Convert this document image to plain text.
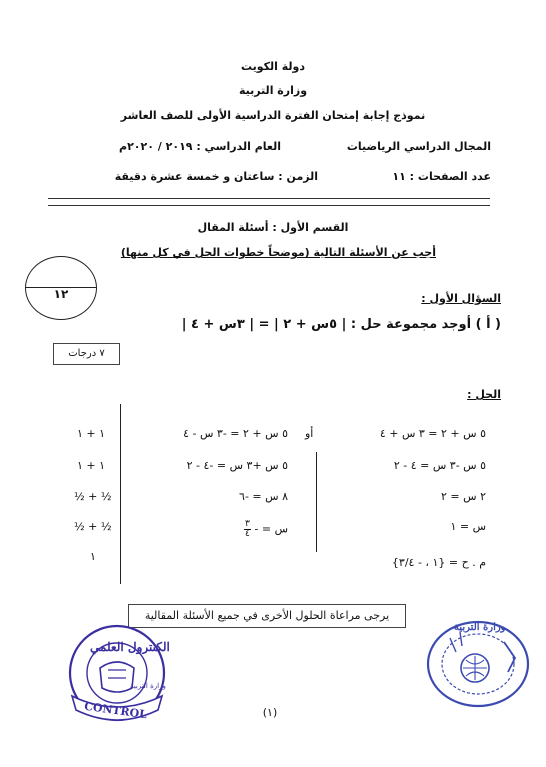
دولة الكويت
وزارة التربية
نموذج إجابة إمتحان الفترة الدراسية الأولى للصف العاشر
المجال الدراسي الرياضيات
العام الدراسي : ٢٠١٩ / ٢٠٢٠م
عدد الصفحات : ١١
الزمن : ساعتان و خمسة عشرة دقيقة
القسم الأول : أسئلة المقال
أجب عن الأسئلة التالية (موضحاً خطوات الحل في كل منها)
١٢	السؤال الأول :
( أ ) أوجد مجموعة حل : | ٥س + ٢ | = | ٣س + ٤ |
٧ درجات
الحل :
٥ س + ٢ = ٣ س + ٤
٥ س -٣ س = ٤ - ٢
٢ س = ٢
س = ١
م . ح = {١ ، - ٣/٤}
أو
٥ س + ٢ = -٣ س - ٤
٥ س +٣ س = -٤ - ٢
٨ س = -٦
س = -
$\frac{٣}{٤}$
١ + ١
١ + ١
½ + ½
½ + ½
١
يرجى مراعاة الحلول الأخرى في جميع الأسئلة المقالية
(١)
الكنترول العلمي
وزارة التربية
CONTROL
وزارة التربية
